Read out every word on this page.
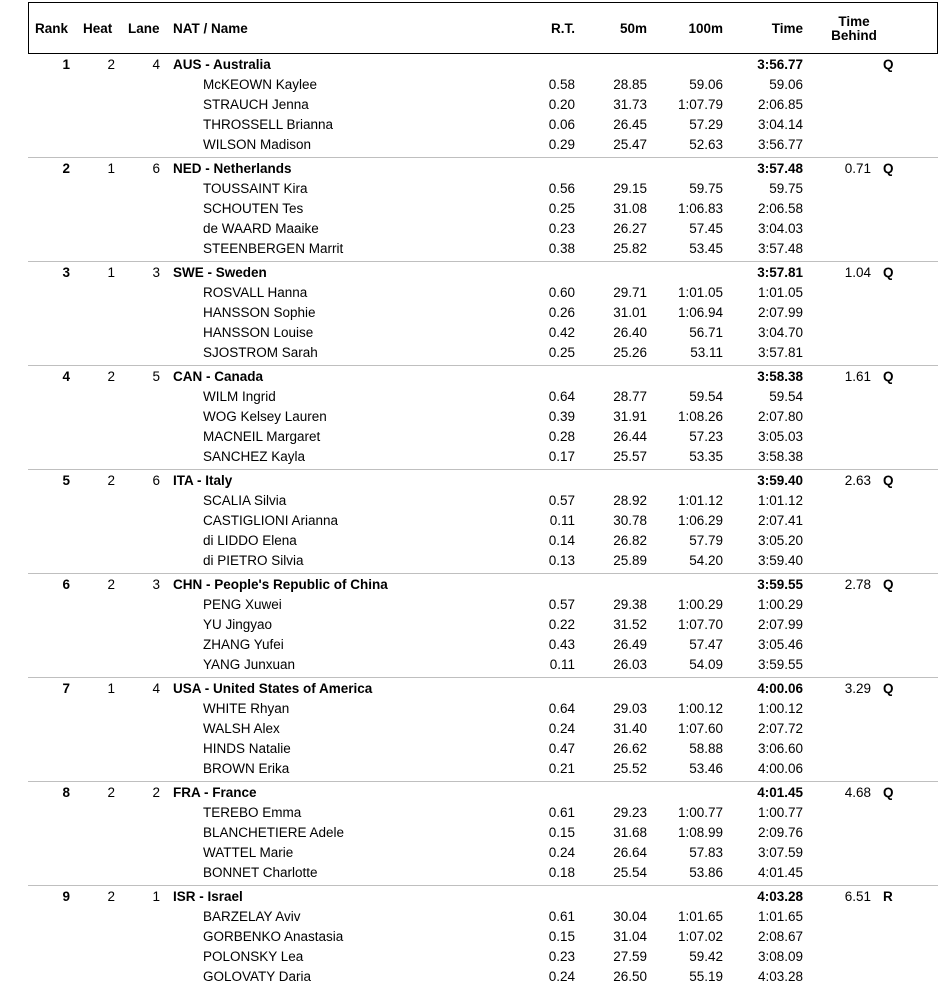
Rank Heat Lane NAT / Name	R.T.	50m	100m	Time	Time
Behind
1	2	4 AUS - Australia	3:56.77	Q
McKEOWN Kaylee	0.58	28.85	59.06	59.06
STRAUCH Jenna	0.20	31.73	1:07.79	2:06.85
THROSSELL Brianna	0.06	26.45	57.29	3:04.14
WILSON Madison	0.29	25.47	52.63	3:56.77
2	1	6 NED - Netherlands	3:57.48	0.71 Q
TOUSSAINT Kira	0.56	29.15	59.75	59.75
SCHOUTEN Tes	0.25	31.08	1:06.83	2:06.58
de WAARD Maaike	0.23	26.27	57.45	3:04.03
STEENBERGEN Marrit	0.38	25.82	53.45	3:57.48
3	1	3 SWE - Sweden	3:57.81	1.04 Q
ROSVALL Hanna	0.60	29.71	1:01.05	1:01.05
HANSSON Sophie	0.26	31.01	1:06.94	2:07.99
HANSSON Louise	0.42	26.40	56.71	3:04.70
SJOSTROM Sarah	0.25	25.26	53.11	3:57.81
4	2	5 CAN - Canada	3:58.38	1.61 Q
WILM Ingrid	0.64	28.77	59.54	59.54
WOG Kelsey Lauren	0.39	31.91	1:08.26	2:07.80
MACNEIL Margaret	0.28	26.44	57.23	3:05.03
SANCHEZ Kayla	0.17	25.57	53.35	3:58.38
5	2	6 ITA - Italy	3:59.40	2.63 Q
SCALIA Silvia	0.57	28.92	1:01.12	1:01.12
CASTIGLIONI Arianna	0.11	30.78	1:06.29	2:07.41
di LIDDO Elena	0.14	26.82	57.79	3:05.20
di PIETRO Silvia	0.13	25.89	54.20	3:59.40
6	2	3 CHN - People's Republic of China	3:59.55	2.78 Q
PENG Xuwei	0.57	29.38	1:00.29	1:00.29
YU Jingyao	0.22	31.52	1:07.70	2:07.99
ZHANG Yufei	0.43	26.49	57.47	3:05.46
YANG Junxuan	0.11	26.03	54.09	3:59.55
7	1	4 USA - United States of America	4:00.06	3.29 Q
WHITE Rhyan	0.64	29.03	1:00.12	1:00.12
WALSH Alex	0.24	31.40	1:07.60	2:07.72
HINDS Natalie	0.47	26.62	58.88	3:06.60
BROWN Erika	0.21	25.52	53.46	4:00.06
8	2	2 FRA - France	4:01.45	4.68 Q
TEREBO Emma	0.61	29.23	1:00.77	1:00.77
BLANCHETIERE Adele	0.15	31.68	1:08.99	2:09.76
WATTEL Marie	0.24	26.64	57.83	3:07.59
BONNET Charlotte	0.18	25.54	53.86	4:01.45
9	2	1 ISR - Israel	4:03.28	6.51 R
BARZELAY Aviv	0.61	30.04	1:01.65	1:01.65
GORBENKO Anastasia	0.15	31.04	1:07.02	2:08.67
POLONSKY Lea	0.23	27.59	59.42	3:08.09
GOLOVATY Daria	0.24	26.50	55.19	4:03.28
